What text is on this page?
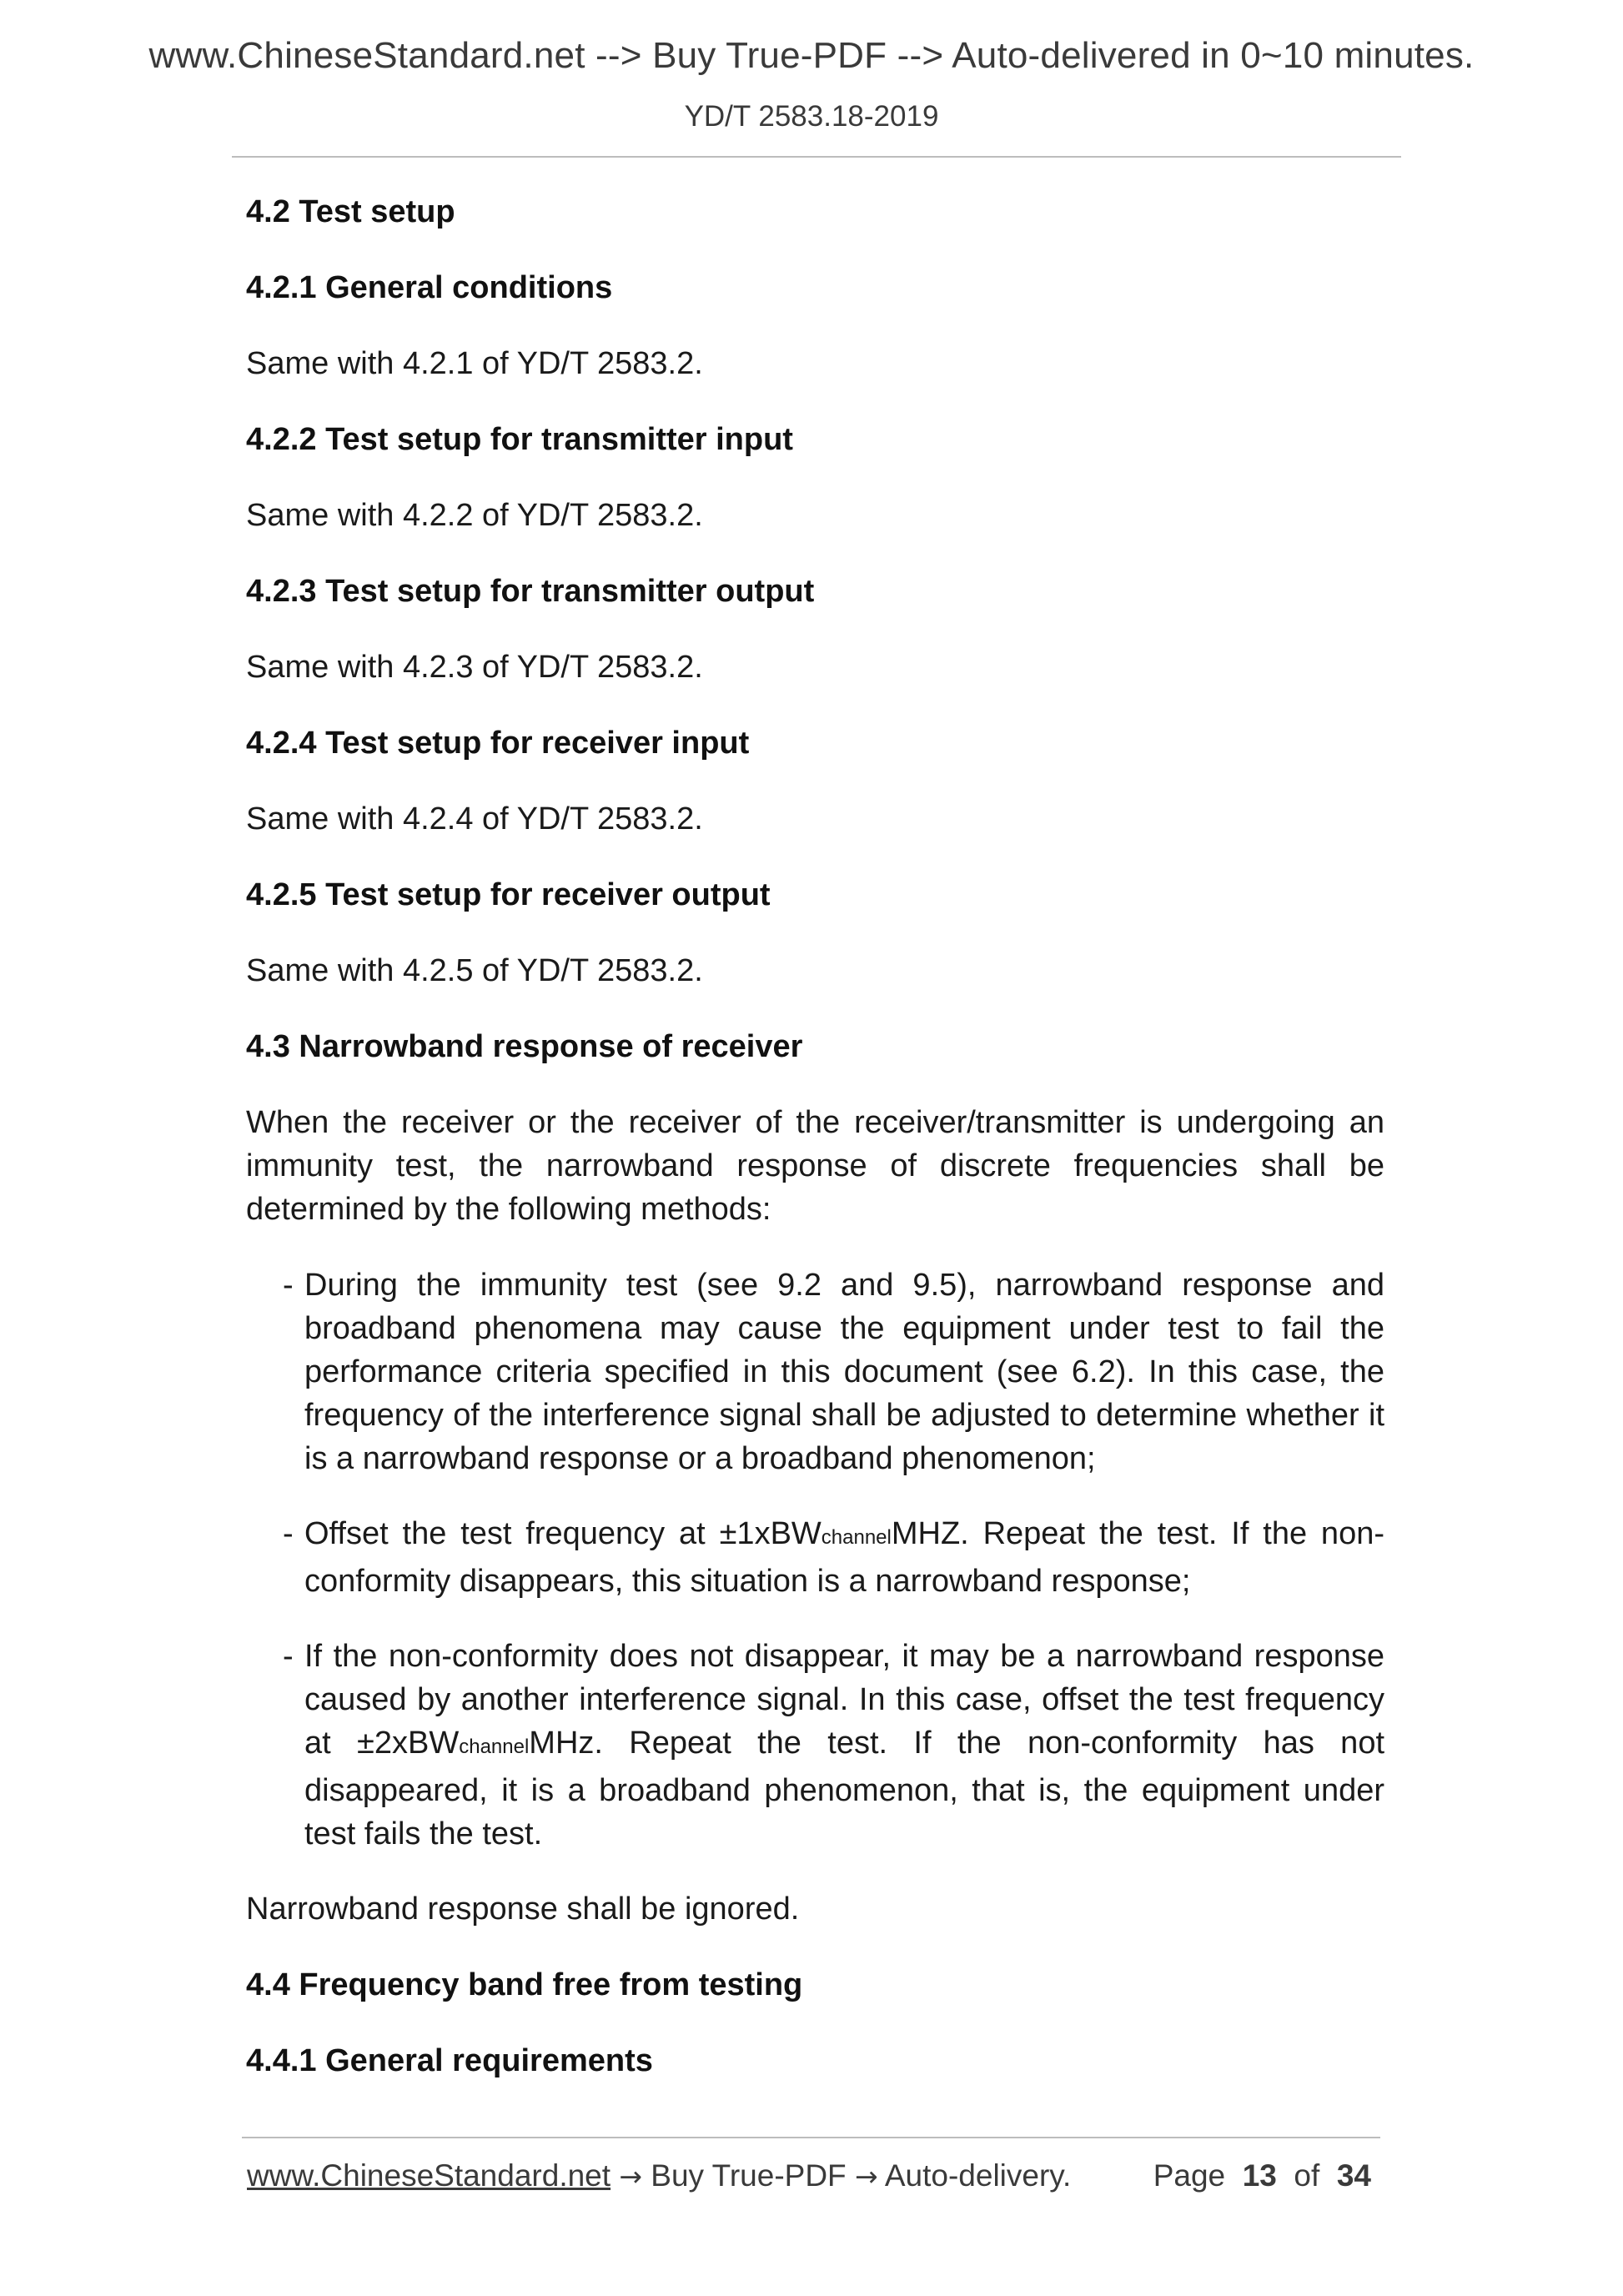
www.ChineseStandard.net --> Buy True-PDF --> Auto-delivered in 0~10 minutes.
YD/T 2583.18-2019
4.2 Test setup
4.2.1 General conditions
Same with 4.2.1 of YD/T 2583.2.
4.2.2 Test setup for transmitter input
Same with 4.2.2 of YD/T 2583.2.
4.2.3 Test setup for transmitter output
Same with 4.2.3 of YD/T 2583.2.
4.2.4 Test setup for receiver input
Same with 4.2.4 of YD/T 2583.2.
4.2.5 Test setup for receiver output
Same with 4.2.5 of YD/T 2583.2.
4.3 Narrowband response of receiver
When the receiver or the receiver of the receiver/transmitter is undergoing an immunity test, the narrowband response of discrete frequencies shall be determined by the following methods:
- During the immunity test (see 9.2 and 9.5), narrowband response and broadband phenomena may cause the equipment under test to fail the performance criteria specified in this document (see 6.2). In this case, the frequency of the interference signal shall be adjusted to determine whether it is a narrowband response or a broadband phenomenon;
- Offset the test frequency at ±1xBWchannelMHZ. Repeat the test. If the non-conformity disappears, this situation is a narrowband response;
- If the non-conformity does not disappear, it may be a narrowband response caused by another interference signal. In this case, offset the test frequency at ±2xBWchannelMHz. Repeat the test. If the non-conformity has not disappeared, it is a broadband phenomenon, that is, the equipment under test fails the test.
Narrowband response shall be ignored.
4.4 Frequency band free from testing
4.4.1 General requirements
www.ChineseStandard.net → Buy True-PDF → Auto-delivery.	Page 13 of 34
